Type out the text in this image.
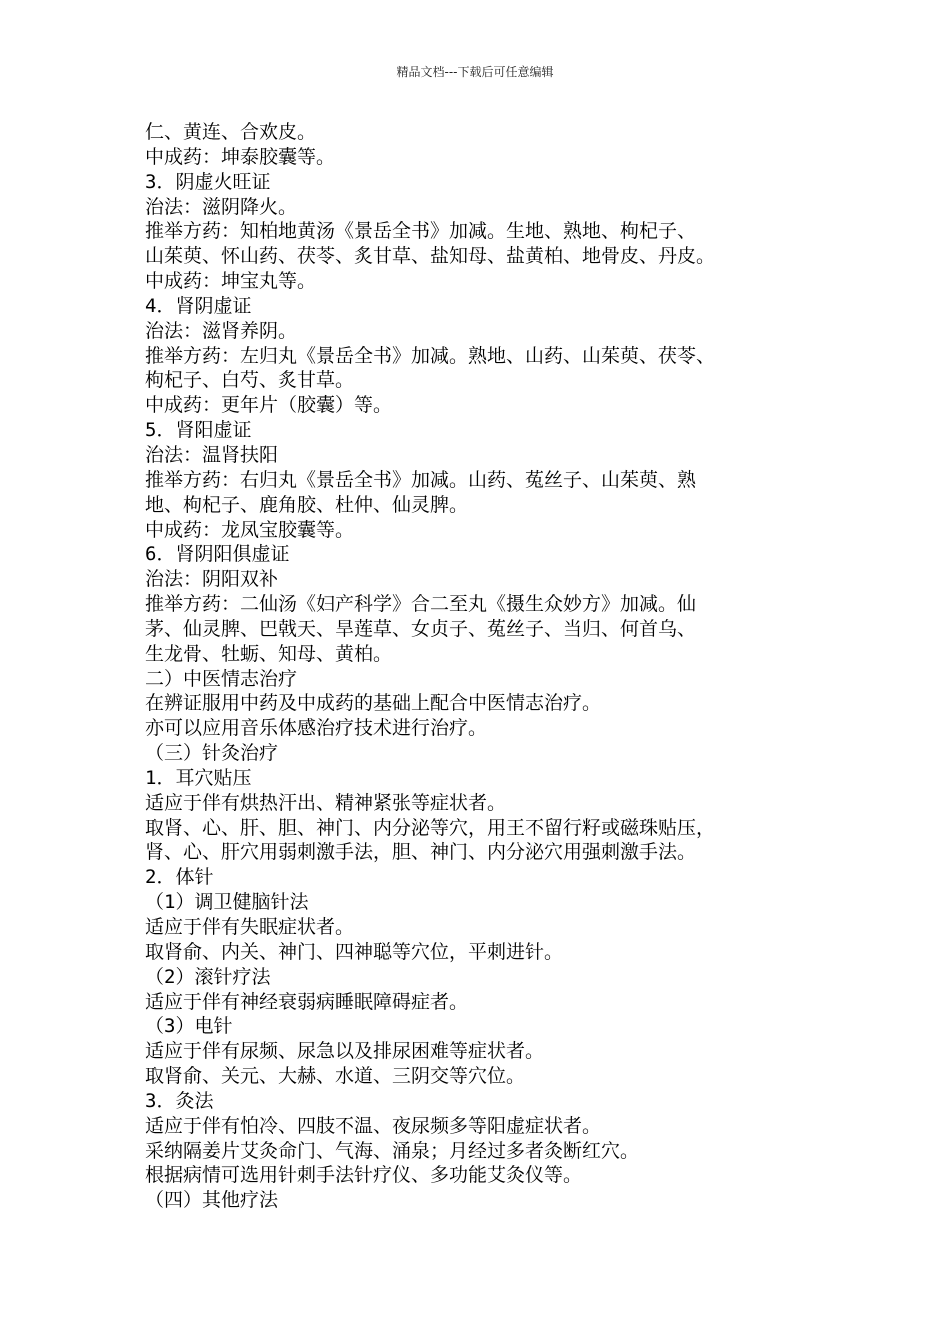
精品文档---下载后可任意编辑
仁、黄连、合欢皮。
中成药：坤泰胶囊等。
3．阴虚火旺证
治法：滋阴降火。
推举方药：知柏地黄汤《景岳全书》加减。生地、熟地、枸杞子、
山茱萸、怀山药、茯苓、炙甘草、盐知母、盐黄柏、地骨皮、丹皮。
中成药：坤宝丸等。
4．肾阴虚证
治法：滋肾养阴。
推举方药：左归丸《景岳全书》加减。熟地、山药、山茱萸、茯苓、
枸杞子、白芍、炙甘草。
中成药：更年片（胶囊）等。
5．肾阳虚证
治法：温肾扶阳
推举方药：右归丸《景岳全书》加减。山药、菟丝子、山茱萸、熟
地、枸杞子、鹿角胶、杜仲、仙灵脾。
中成药：龙凤宝胶囊等。
6．肾阴阳俱虚证
治法：阴阳双补
推举方药：二仙汤《妇产科学》合二至丸《摄生众妙方》加减。仙
茅、仙灵脾、巴戟天、旱莲草、女贞子、菟丝子、当归、何首乌、
生龙骨、牡蛎、知母、黄柏。
二）中医情志治疗
在辨证服用中药及中成药的基础上配合中医情志治疗。
亦可以应用音乐体感治疗技术进行治疗。
（三）针灸治疗
1．耳穴贴压
适应于伴有烘热汗出、精神紧张等症状者。
取肾、心、肝、胆、神门、内分泌等穴，用王不留行籽或磁珠贴压，
肾、心、肝穴用弱刺激手法，胆、神门、内分泌穴用强刺激手法。
2．体针
（1）调卫健脑针法
适应于伴有失眠症状者。
取肾俞、内关、神门、四神聪等穴位，平刺进针。
（2）滚针疗法
适应于伴有神经衰弱病睡眠障碍症者。
（3）电针
适应于伴有尿频、尿急以及排尿困难等症状者。
取肾俞、关元、大赫、水道、三阴交等穴位。
3．灸法
适应于伴有怕冷、四肢不温、夜尿频多等阳虚症状者。
采纳隔姜片艾灸命门、气海、涌泉；月经过多者灸断红穴。
根据病情可选用针刺手法针疗仪、多功能艾灸仪等。
（四）其他疗法
